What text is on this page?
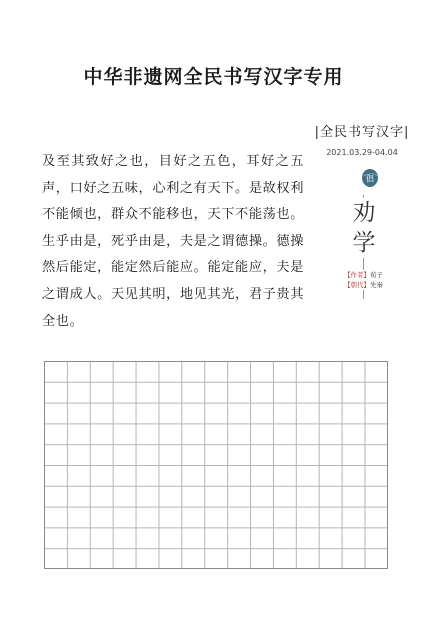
中华非遗网全民书写汉字专用
及至其致好之也，目好之五色，耳好之五声，口好之五味，心利之有天下。是故权利不能倾也，群众不能移也，天下不能荡也。生乎由是，死乎由是，夫是之谓德操。德操然后能定，能定然后能应。能定能应，夫是之谓成人。天见其明，地见其光，君子贵其全也。
|全民书写汉字|
2021.03.29-04.04
倡
劝
学
【作者】荀子
【朝代】先秦
